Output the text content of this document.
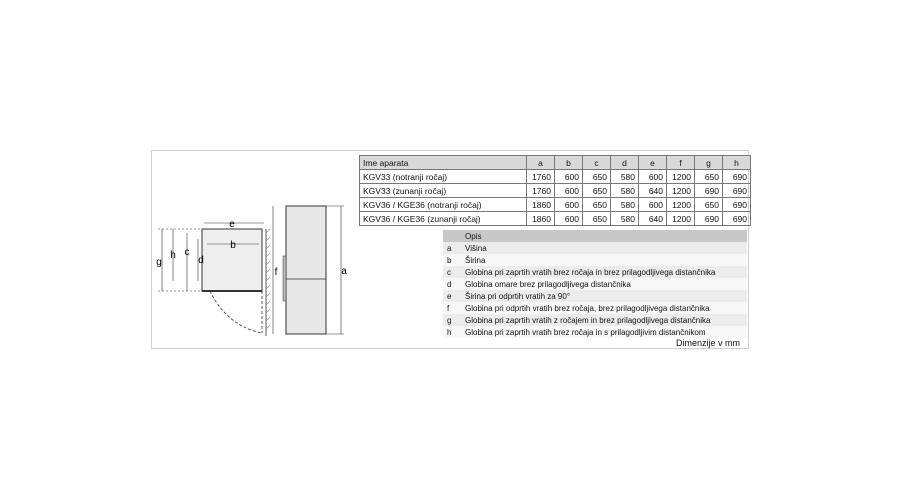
e
b
g
h c
d
f	a
Ime aparata	a	b	c	d	e	f	g	h
KGV33 (notranji ročaj)	1760	600	650	580	600	1200	650	690
KGV33 (zunanji ročaj)	1760	600	650	580	640	1200	690	690
KGV36 / KGE36 (notranji ročaj)	1860	600	650	580	600	1200	650	690
KGV36 / KGE36 (zunanji ročaj)	1860	600	650	580	640	1200	690	690
	Opis
a	Višina
b	Širina
c	Globina pri zaprtih vratih brez ročaja in brez prilagodljivega distančnika
d	Globina omare brez prilagodljivega distančnika
e	Širina pri odprtih vratih za 90°
f	Globina pri odprtih vratih brez ročaja, brez prilagodljivega distančnika
g	Globina pri zaprtih vratih z ročajem in brez prilagodljivega distančnika
h	Globina pri zaprtih vratih brez ročaja in s prilagodljivim distančnikom
Dimenzije v mm
